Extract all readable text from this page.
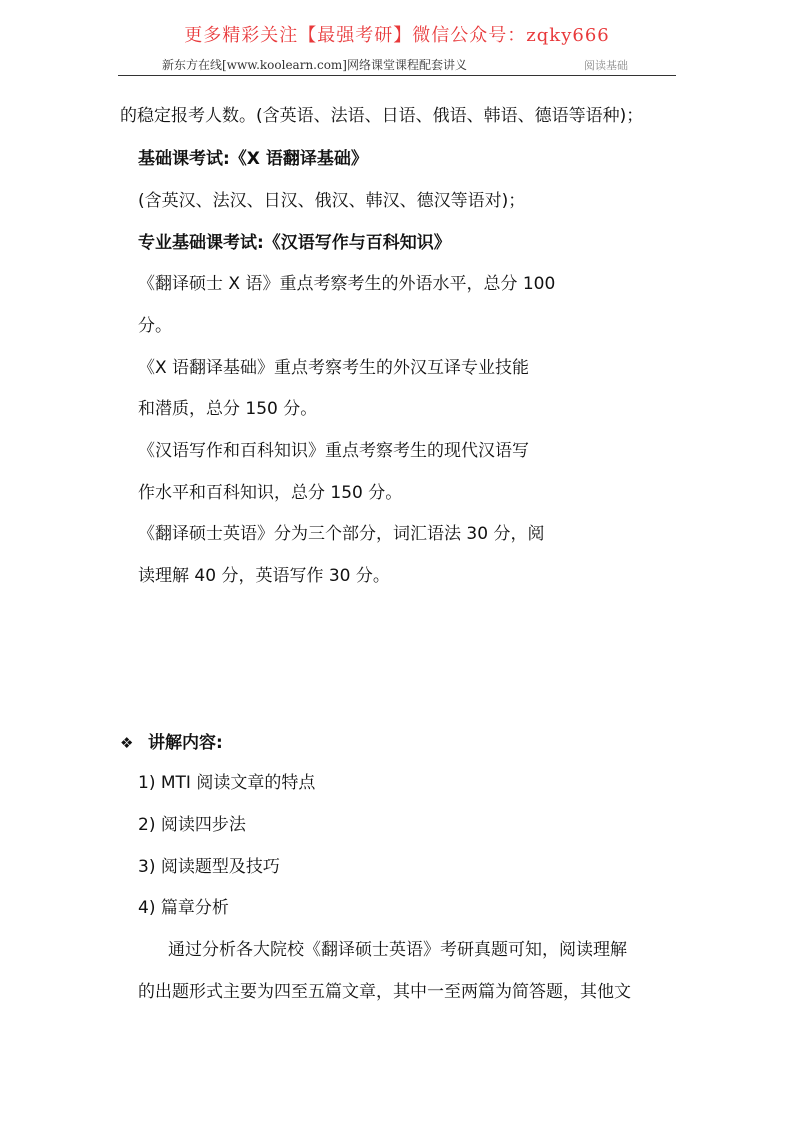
更多精彩关注【最强考研】微信公众号：zqky666
新东方在线[www.koolearn.com]网络课堂课程配套讲义	阅读基础
的稳定报考人数。(含英语、法语、日语、俄语、韩语、德语等语种)；
基础课考试:《X 语翻译基础》
(含英汉、法汉、日汉、俄汉、韩汉、德汉等语对)；
专业基础课考试:《汉语写作与百科知识》
《翻译硕士 X 语》重点考察考生的外语水平，总分 100
分。
《X 语翻译基础》重点考察考生的外汉互译专业技能
和潜质，总分 150 分。
《汉语写作和百科知识》重点考察考生的现代汉语写
作水平和百科知识，总分 150 分。
《翻译硕士英语》分为三个部分，词汇语法 30 分，阅
读理解 40 分，英语写作 30 分。
❖ 讲解内容:
1) MTI 阅读文章的特点
2) 阅读四步法
3) 阅读题型及技巧
4) 篇章分析
通过分析各大院校《翻译硕士英语》考研真题可知，阅读理解
的出题形式主要为四至五篇文章，其中一至两篇为简答题，其他文
